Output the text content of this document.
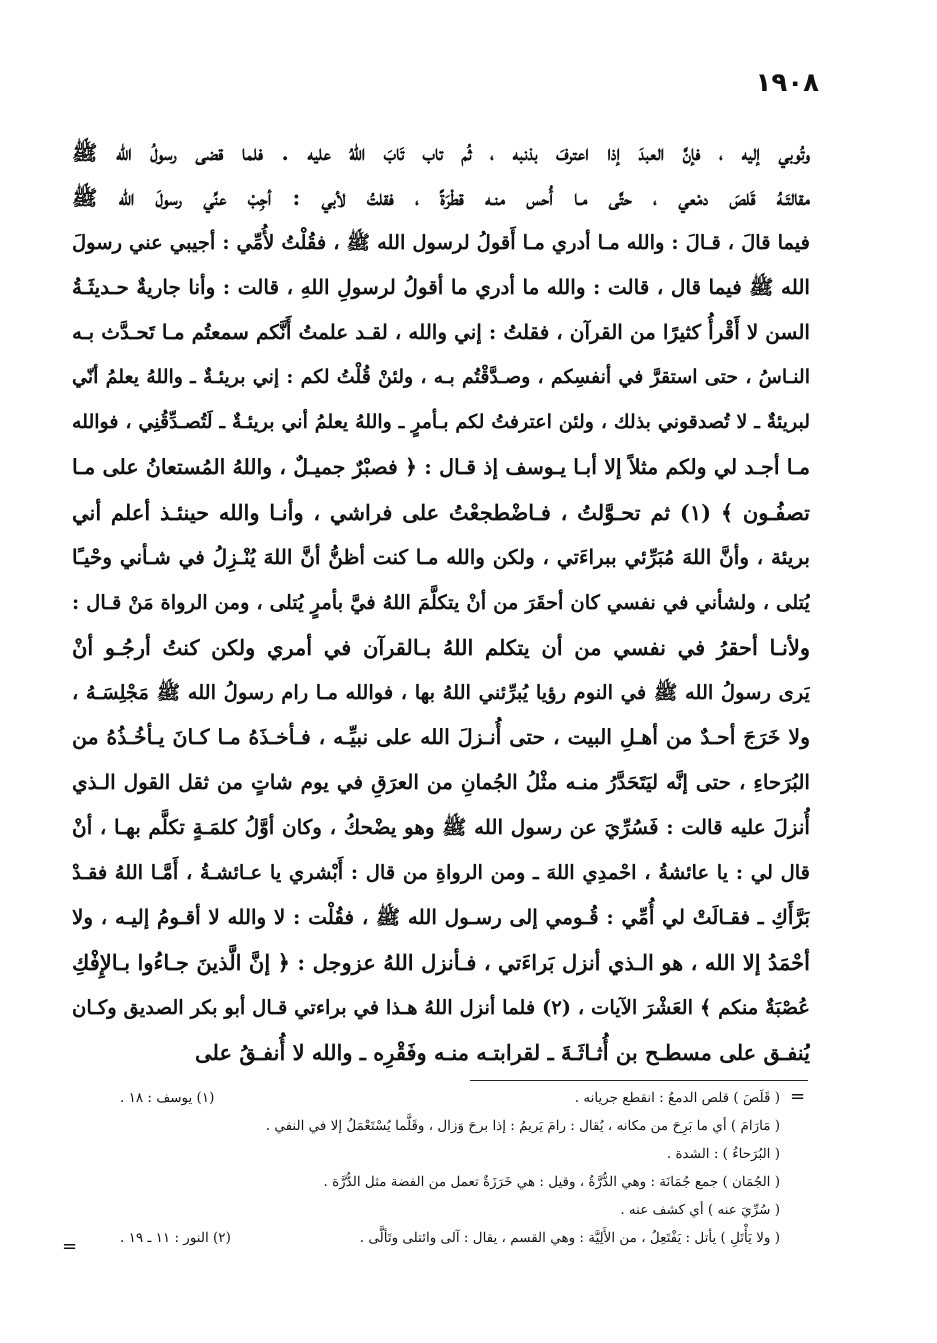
١٩٠٨
وتُوبي إليه ، فإنَّ العبدَ إذا اعترفَ بذنبه ، ثُم تاب تَابَ اللهُ عليه . فلما قضى رسولُ الله ﷺ
مقالتَـهُ قَلصَ دمْعي ، حتَّى مـا أُحس منـه قطْرَةً ، فقلتُ لأبي : أجِبْ عنِّي رسولَ الله ﷺ
فيما قالَ ، قـالَ : والله مـا أدري مـا أَقولُ لرسول الله ﷺ ، فقُلْتُ لأُمِّي : أجيبي عني رسولَ
الله ﷺ فيما قال ، قالت : والله ما أدري ما أقولُ لرسولِ اللهِ ، قالت : وأنا جاريةٌ حـديثَـةُ
السن لا أَقْرأُ كثيرًا من القرآن ، فقلتُ : إني والله ، لقـد علمتُ أَنَّكم سمعتُم مـا تَحـدَّث بـه
النـاسُ ، حتى استقرَّ في أنفسِكم ، وصـدَّقْتُم بـه ، ولئنْ قُلْتُ لكم : إني بريئـةٌ ـ واللهُ يعلمُ أنّي
لبريئةٌ ـ لا تُصدقوني بذلك ، ولئن اعترفتُ لكم بـأمرٍ ـ واللهُ يعلمُ أني بريئـةٌ ـ لَتُصـدِّقُنِي ، فوالله
مـا أجـد لي ولكم مثلاً إلا أبـا يـوسف إذ قـال : ﴿ فصبْرٌ جميـلٌ ، واللهُ المُستعانُ على مـا
تصفُـون ﴾ (١) ثم تحـوَّلتُ ، فـاضْطجعْتُ على فراشي ، وأنـا والله حينئـذ أعلم أني
بريئة ، وأنَّ اللهَ مُبَرِّئي ببراءَتي ، ولكن والله مـا كنت أظنُّ أنَّ اللهَ يُنْـزِلُ في شـأني وحْيـًا
يُتلى ، ولشأني في نفسي كان أحقَرَ من أنْ يتكلَّمَ اللهُ فيَّ بأمرٍ يُتلى ، ومن الرواة مَنْ قـال :
ولأنـا أحقرُ في نفسي من أن يتكلم اللهُ بـالقرآن في أمري ولكن كنتُ أرجُـو أنْ
يَرى رسولُ الله ﷺ في النوم رؤيا يُبرِّئني اللهُ بها ، فوالله مـا رام رسولُ الله ﷺ مَجْلِسَـهُ ،
ولا خَرَجَ أحـدٌ من أهـلِ البيت ، حتى أُنـزلَ الله على نبيِّـه ، فـأخـذَهُ مـا كـانَ يـأخُـذُهُ من
البُرَحاءِ ، حتى إنَّه ليَتَحَدَّرُ منـه مثْلُ الجُمانِ من العرَقِ في يوم شاتٍ من ثقل القول الـذي
أُنزلَ عليه قالت : فَسُرِّيَ عن رسول الله ﷺ وهو يضْحكُ ، وكان أوَّلُ كلمَـةٍ تكلَّم بهـا ، أنْ
قال لي : يا عائشةُ ، احْمدِي اللهَ ـ ومن الرواةِ من قال : أَبْشري يا عـائشـةُ ، أَمَّـا اللهُ فقـدْ
بَرَّأَكِ ـ فقـالَتْ لي أُمِّي : قُـومي إلى رسـول الله ﷺ ، فقُلْت : لا والله لا أقـومُ إليـه ، ولا
أحْمَدُ إلا الله ، هو الـذي أنزل بَراءَتي ، فـأنزل اللهُ عزوجل : ﴿ إنَّ الَّذينَ جـاءُوا بـالإِفْكِ
عُصْبَةٌ منكم ﴾ العَشْرَ الآيات ، (٢) فلما أنزل اللهُ هـذا في براءتي قـال أبو بكر الصديق وكـان
يُنفـق على مسطـح بن أُثـاثَـةَ ـ لقرابتـه منـه وفَقْرِه ـ والله لا أُنفـقُ على
=
=
( قَلَصَ ) قلص الدمعُ : انقطع جريانه .
(١) يوسف : ١٨ .
( مَارَامَ ) أي ما بَرِحَ من مكانه ، يُقال : رامَ يَريمُ : إذا برحَ وَزال ، وقَلَّما يُسْتَعْمَلُ إلا في النفي .
( البُرَحاءُ ) : الشدة .
( الجُمَان ) جمع جُمَانَة : وهي الدُّرَّةُ ، وقيل : هي خَرَزَةٌ تعمل من الفضة مثل الدُّرَّة .
( سُرِّيَ عنه ) أي كشف عنه .
( ولا يَأْتَلِ ) يأتل : يَفْتَعِلُ ، من الأَلِيَّة : وهي القسم ، يقال : آلى وائتلى وتَألَّى .
(٢) النور : ١١ ـ ١٩ .
